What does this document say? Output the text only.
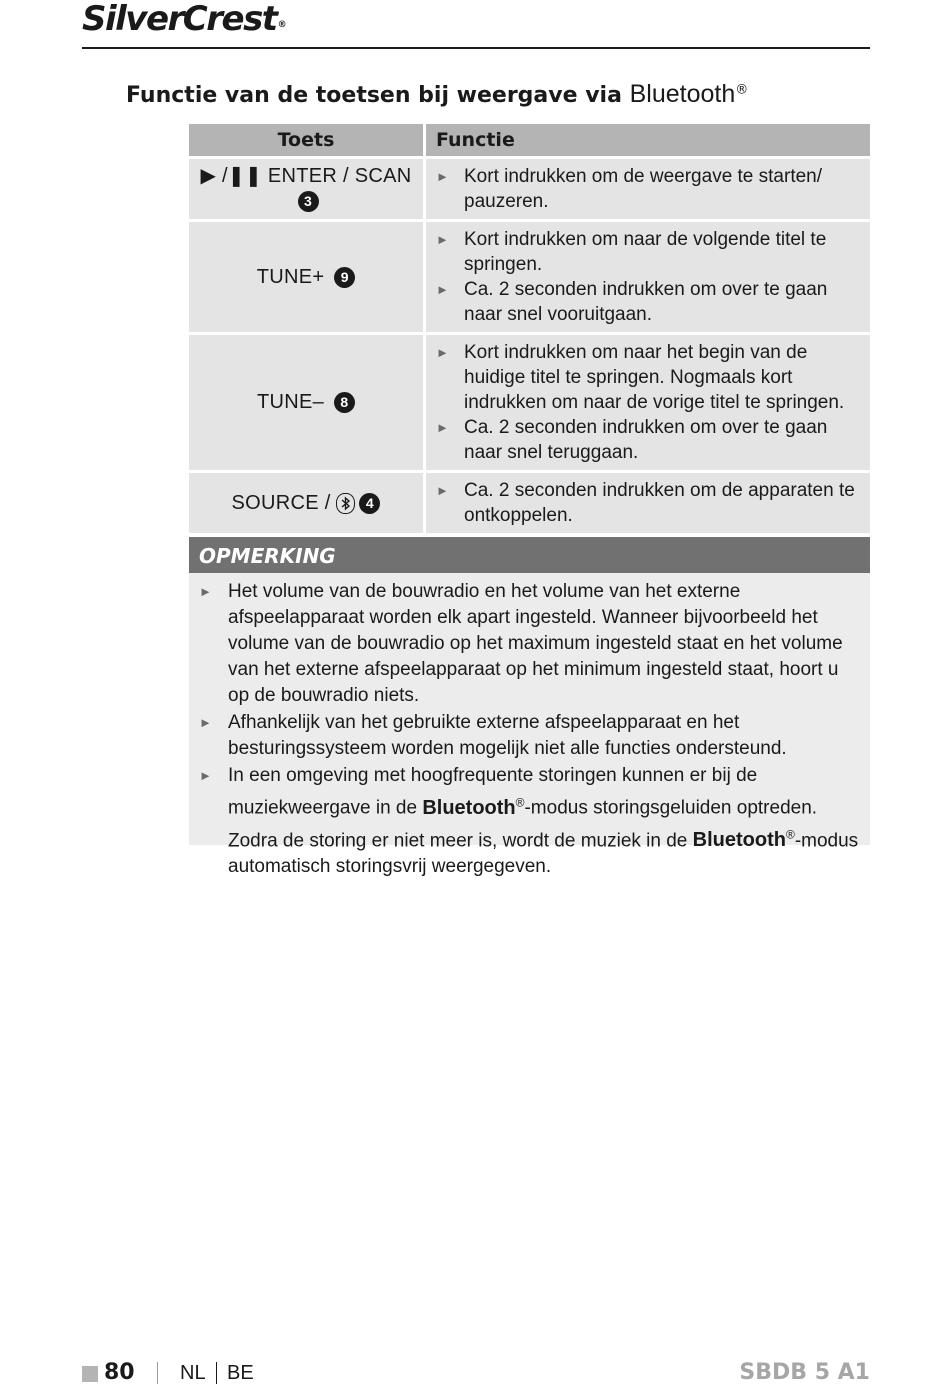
SilverCrest®
Functie van de toetsen bij weergave via Bluetooth®
Toets	Functie
▶ /❚❚ ENTER / SCAN 3	► Kort indrukken om de weergave te starten/ pauzeren.

TUNE+ 9	► Kort indrukken om naar de volgende titel te springen.
► Ca. 2 seconden indrukken om over te gaan naar snel vooruitgaan.

TUNE– 8	► Kort indrukken om naar het begin van de huidige titel te springen. Nogmaals kort indrukken om naar de vorige titel te springen.
► Ca. 2 seconden indrukken om over te gaan naar snel teruggaan.

SOURCE / 4	► Ca. 2 seconden indrukken om de apparaten te ontkoppelen.
OPMERKING
► Het volume van de bouwradio en het volume van het externe afspeelapparaat worden elk apart ingesteld. Wanneer bijvoorbeeld het volume van de bouwradio op het maximum ingesteld staat en het volume van het externe afspeelapparaat op het minimum ingesteld staat, hoort u op de bouwradio niets.
► Afhankelijk van het gebruikte externe afspeelapparaat en het besturingssysteem worden mogelijk niet alle functies ondersteund.
► In een omgeving met hoogfrequente storingen kunnen er bij de muziekweergave in de Bluetooth®-modus storingsgeluiden optreden. Zodra de storing er niet meer is, wordt de muziek in de Bluetooth®-modus automatisch storingsvrij weergegeven.
80 NL BE	SBDB 5 A1
